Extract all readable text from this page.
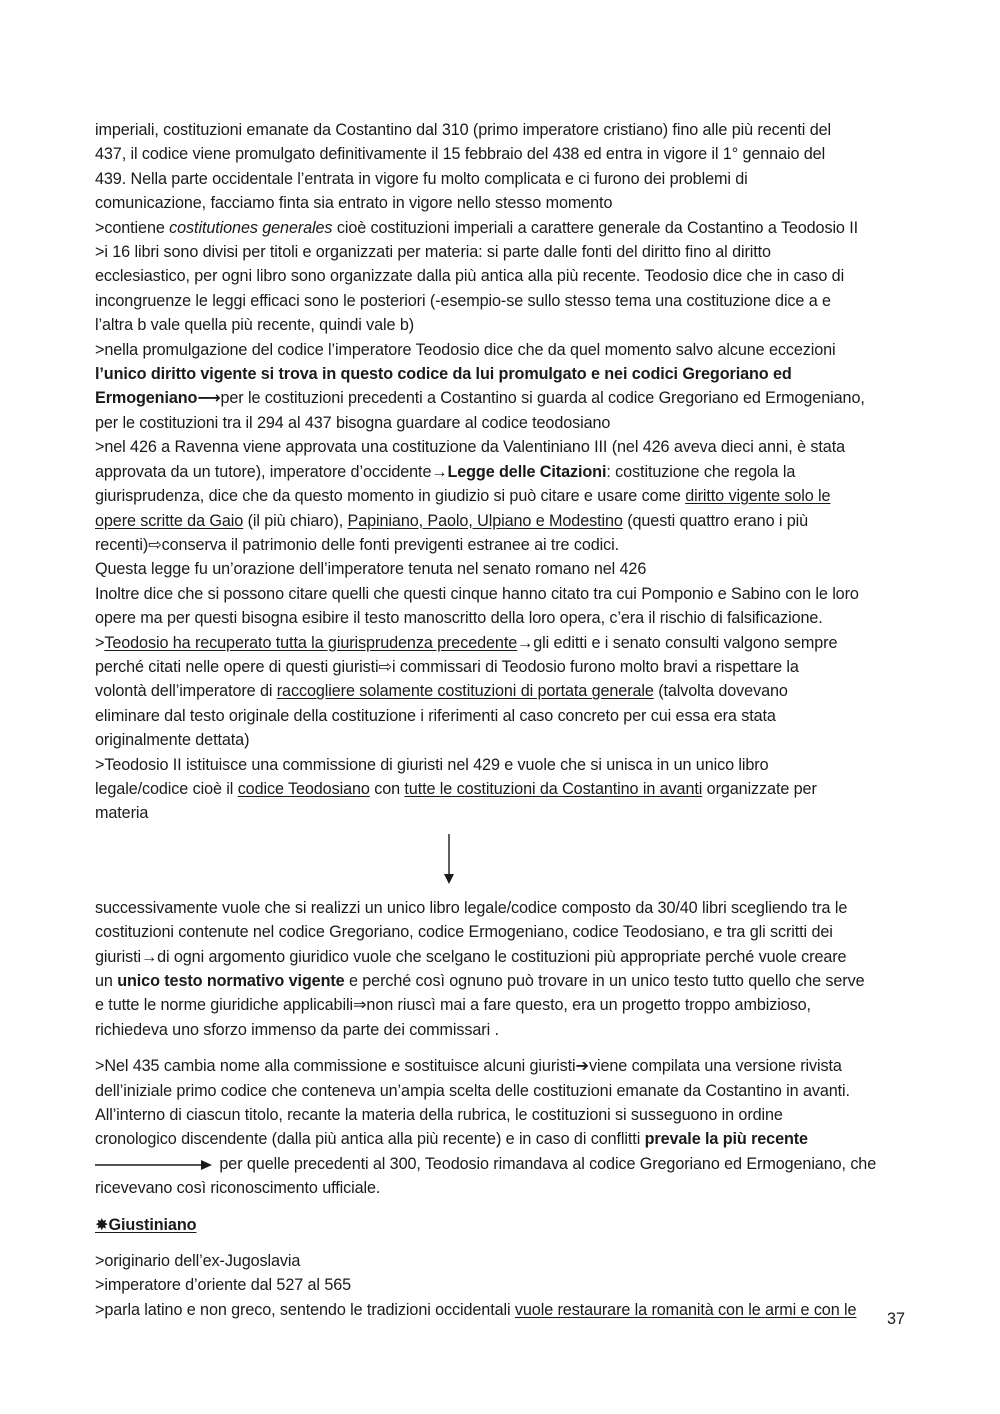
imperiali, costituzioni emanate da Costantino dal 310 (primo imperatore cristiano) fino alle più recenti del
437, il codice viene promulgato definitivamente il 15 febbraio del 438 ed entra in vigore il 1° gennaio del
439. Nella parte occidentale l’entrata in vigore fu molto complicata e ci furono dei problemi di
comunicazione, facciamo finta sia entrato in vigore nello stesso momento
>contiene costitutiones generales cioè costituzioni imperiali a carattere generale da Costantino a Teodosio II
>i 16 libri sono divisi per titoli e organizzati per materia: si parte dalle fonti del diritto fino al diritto
ecclesiastico, per ogni libro sono organizzate dalla più antica alla più recente. Teodosio dice che in caso di
incongruenze le leggi efficaci sono le posteriori (-esempio-se sullo stesso tema una costituzione dice a e
l’altra b vale quella più recente, quindi vale b)
>nella promulgazione del codice l’imperatore Teodosio dice che da quel momento salvo alcune eccezioni
l’unico diritto vigente si trova in questo codice da lui promulgato e nei codici Gregoriano ed
Ermogeniano⟶per le costituzioni precedenti a Costantino si guarda al codice Gregoriano ed Ermogeniano,
per le costituzioni tra il 294 al 437 bisogna guardare al codice teodosiano
>nel 426 a Ravenna viene approvata una costituzione da Valentiniano III (nel 426 aveva dieci anni, è stata
approvata da un tutore), imperatore d’occidente→Legge delle Citazioni: costituzione che regola la
giurisprudenza, dice che da questo momento in giudizio si può citare e usare come diritto vigente solo le
opere scritte da Gaio (il più chiaro), Papiniano, Paolo, Ulpiano e Modestino (questi quattro erano i più
recenti)⇨conserva il patrimonio delle fonti previgenti estranee ai tre codici.
Questa legge fu un’orazione dell’imperatore tenuta nel senato romano nel 426
Inoltre dice che si possono citare quelli che questi cinque hanno citato tra cui Pomponio e Sabino con le loro
opere ma per questi bisogna esibire il testo manoscritto della loro opera, c’era il rischio di falsificazione.
>Teodosio ha recuperato tutta la giurisprudenza precedente→gli editti e i senato consulti valgono sempre
perché citati nelle opere di questi giuristi⇨i commissari di Teodosio furono molto bravi a rispettare la
volontà dell’imperatore di raccogliere solamente costituzioni di portata generale (talvolta dovevano
eliminare dal testo originale della costituzione i riferimenti al caso concreto per cui essa era stata
originalmente dettata)
>Teodosio II istituisce una commissione di giuristi nel 429 e vuole che si unisca in un unico libro
legale/codice cioè il codice Teodosiano con tutte le costituzioni da Costantino in avanti organizzate per
materia
successivamente vuole che si realizzi un unico libro legale/codice composto da 30/40 libri scegliendo tra le
costituzioni contenute nel codice Gregoriano, codice Ermogeniano, codice Teodosiano, e tra gli scritti dei
giuristi→di ogni argomento giuridico vuole che scelgano le costituzioni più appropriate perché vuole creare
un unico testo normativo vigente e perché così ognuno può trovare in un unico testo tutto quello che serve
e tutte le norme giuridiche applicabili⇒non riuscì mai a fare questo, era un progetto troppo ambizioso,
richiedeva uno sforzo immenso da parte dei commissari .
>Nel 435 cambia nome alla commissione e sostituisce alcuni giuristi➔viene compilata una versione rivista
dell’iniziale primo codice che conteneva un’ampia scelta delle costituzioni emanate da Costantino in avanti.
All’interno di ciascun titolo, recante la materia della rubrica, le costituzioni si susseguono in ordine
cronologico discendente (dalla più antica alla più recente) e in caso di conflitti prevale la più recente
per quelle precedenti al 300, Teodosio rimandava al codice Gregoriano ed Ermogeniano, che
ricevevano così riconoscimento ufficiale.
✸Giustiniano
>originario dell’ex-Jugoslavia
>imperatore d’oriente dal 527 al 565
>parla latino e non greco, sentendo le tradizioni occidentali vuole restaurare la romanità con le armi e con le
37
